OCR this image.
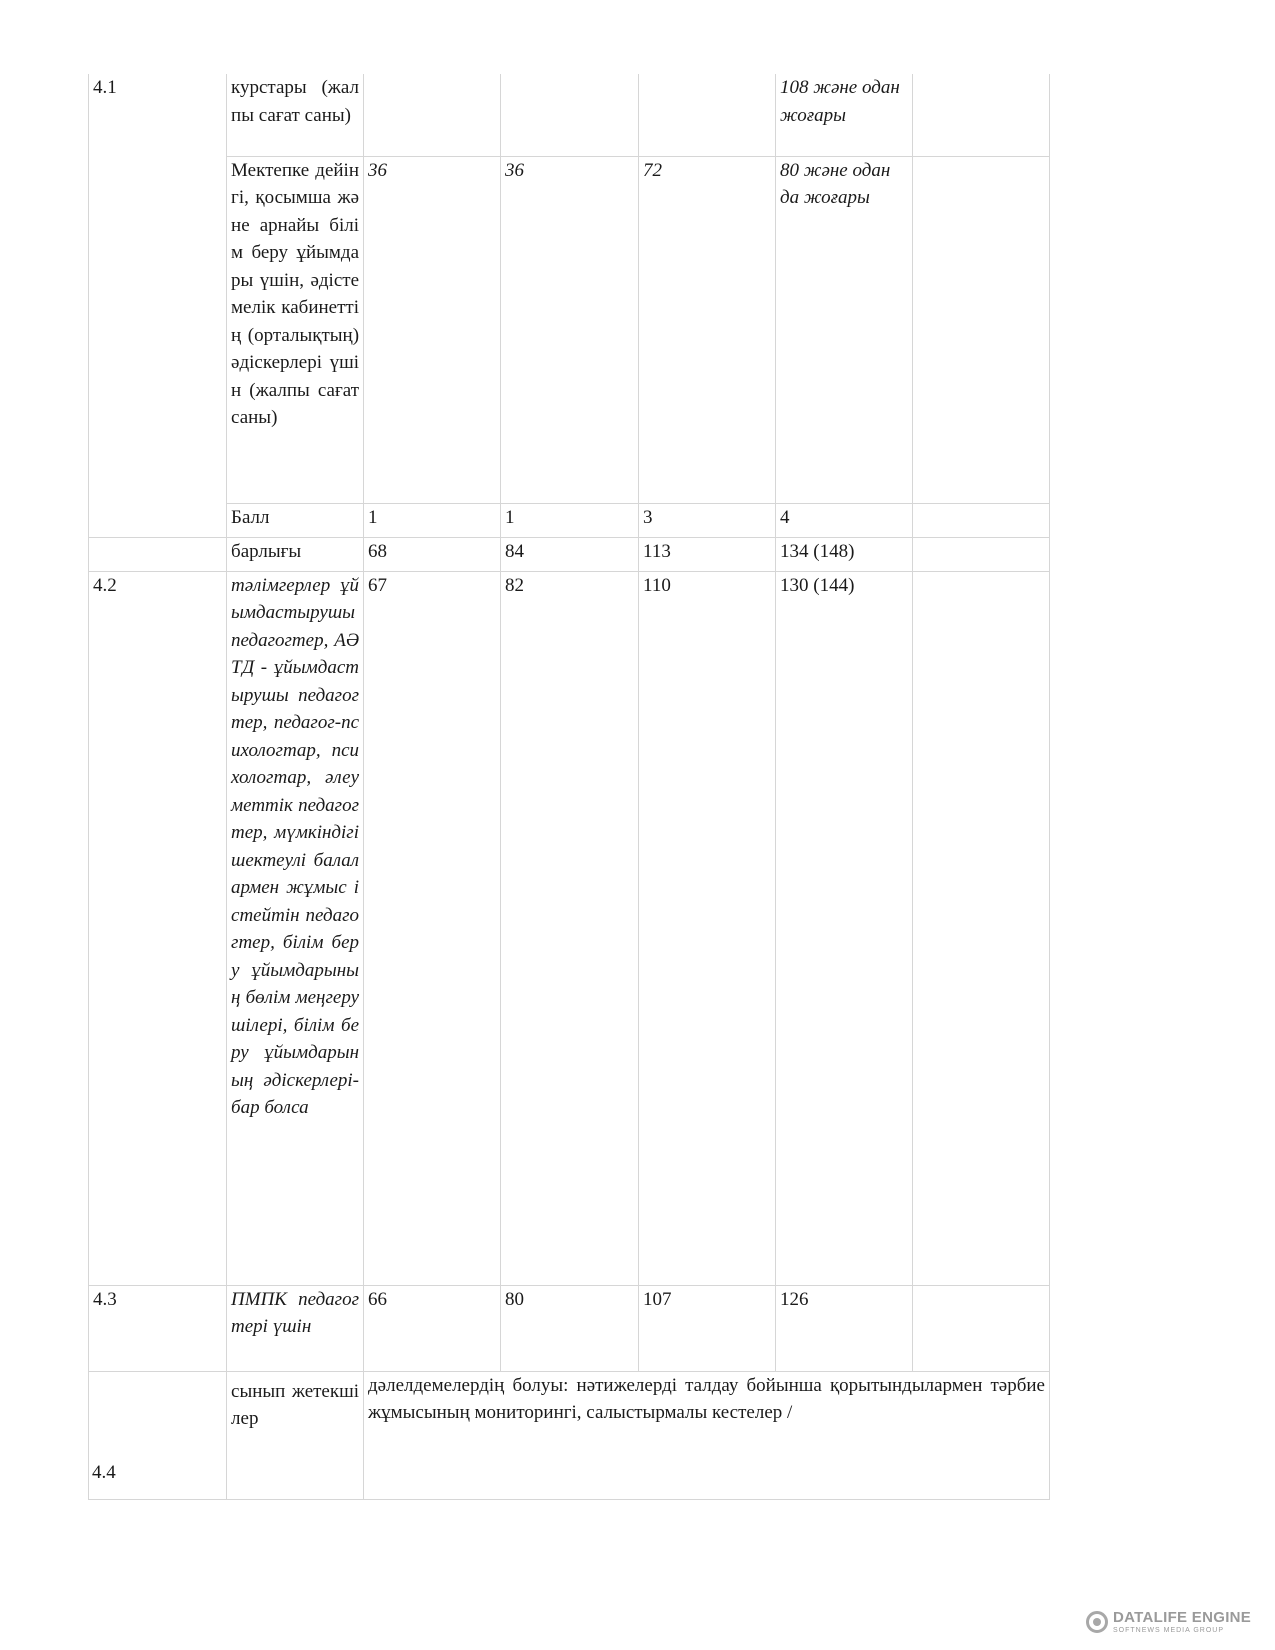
4.1	курстары (жалпы сағат саны)				108 және одан жоғары	
	Мектепке дейінгі, қосымша және арнайы білім беру ұйымдары үшін, әдістемелік кабинеттің (орталықтың) әдіскерлері үшін (жалпы сағат саны)	36	36	72	80 және одан да жоғары	
	Балл	1	1	3	4	
	барлығы	68	84	113	134 (148)	
4.2	тәлімгерлер ұйымдастырушы педагогтер, АӘТД - ұйымдастырушы педагогтер, педагог-психологтар, психологтар, әлеуметтік педагогтер, мүмкіндігі шектеулі балалармен жұмыс істейтін педагогтер, білім беру ұйымдарының бөлім меңгерушілері, білім беру ұйымдарының әдіскерлері-бар болса	67	82	110	130 (144)	
4.3	ПМПК педагогтері үшін	66	80	107	126	
4.4	сынып жетекшілер	дәлелдемелердің болуы: нәтижелерді талдау бойынша қорытындылармен тәрбие жұмысының мониторингі, салыстырмалы кестелер /				
DATALIFE ENGINE
SOFTNEWS MEDIA GROUP
